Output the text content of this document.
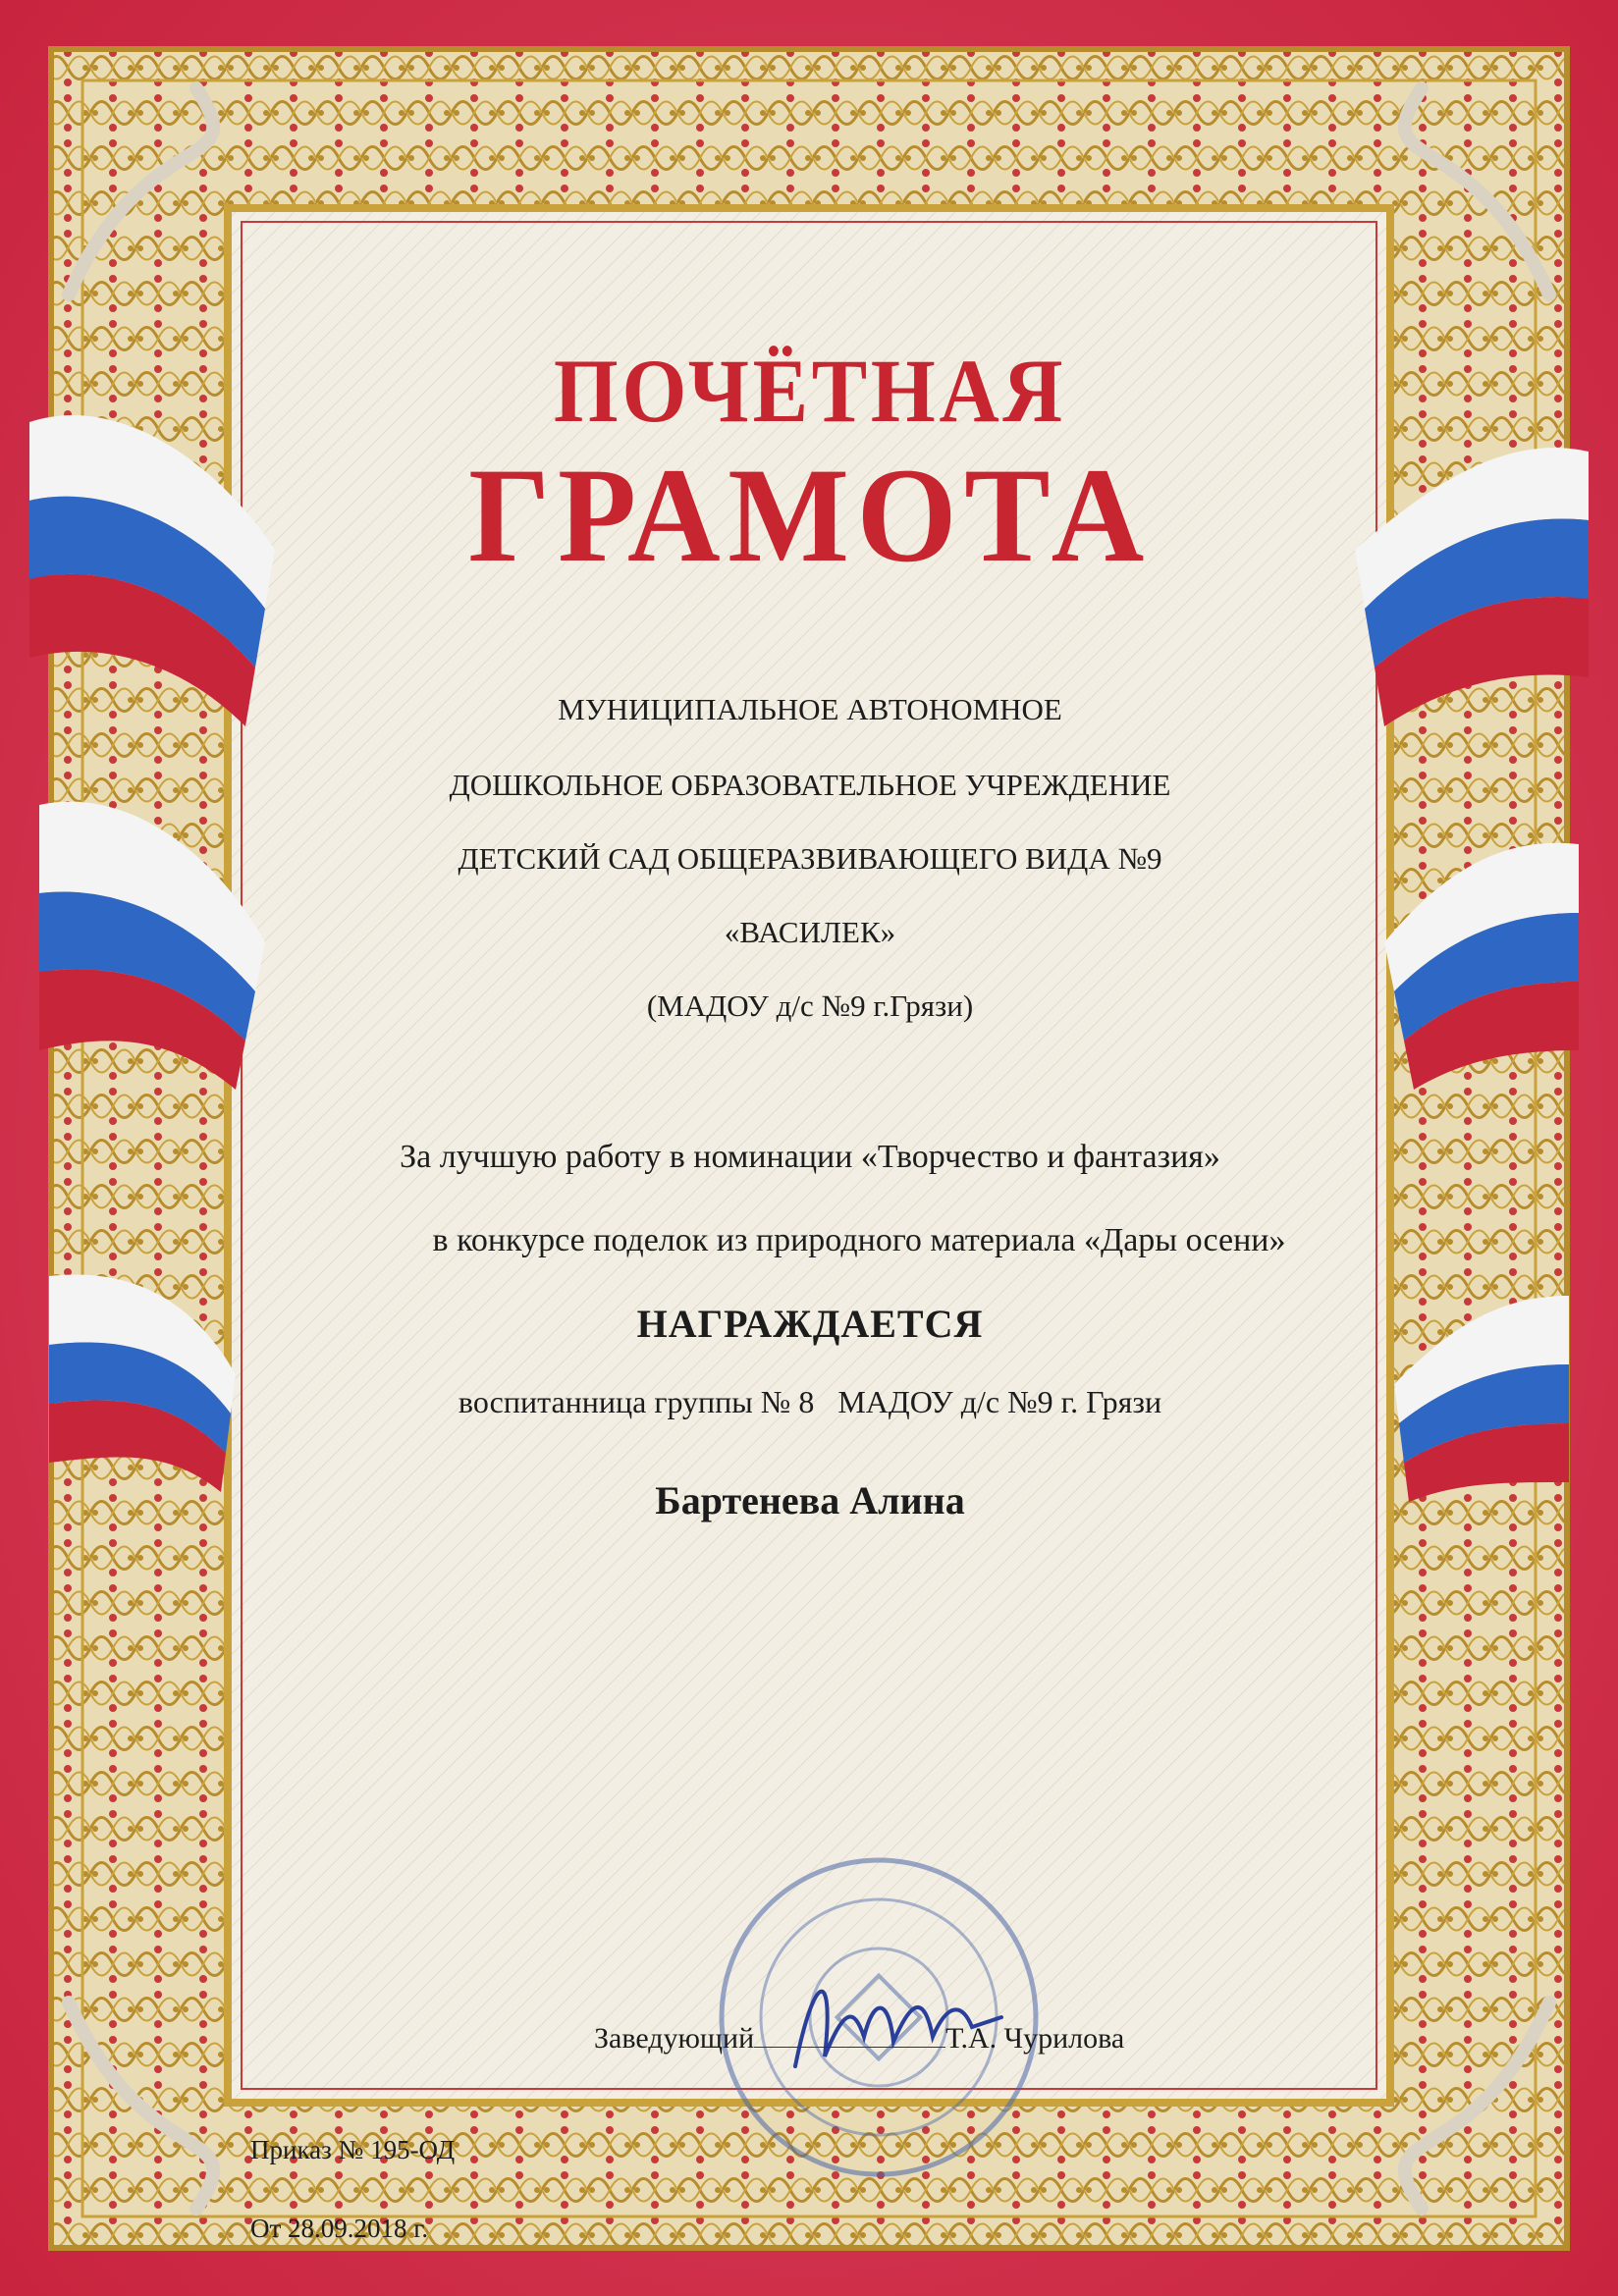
ПОЧЁТНАЯ
ГРАМОТА
МУНИЦИПАЛЬНОЕ АВТОНОМНОЕ
ДОШКОЛЬНОЕ ОБРАЗОВАТЕЛЬНОЕ УЧРЕЖДЕНИЕ
ДЕТСКИЙ САД ОБЩЕРАЗВИВАЮЩЕГО ВИДА №9
«ВАСИЛЕК»
(МАДОУ д/с №9 г.Грязи)
За лучшую работу в номинации «Творчество и фантазия»
в конкурсе поделок из природного материала «Дары осени»
НАГРАЖДАЕТСЯ
воспитанница группы № 8   МАДОУ д/с №9 г. Грязи
Бартенева Алина
Заведующий	Т.А. Чурилова
Приказ № 195-ОД
От 28.09.2018 г.
